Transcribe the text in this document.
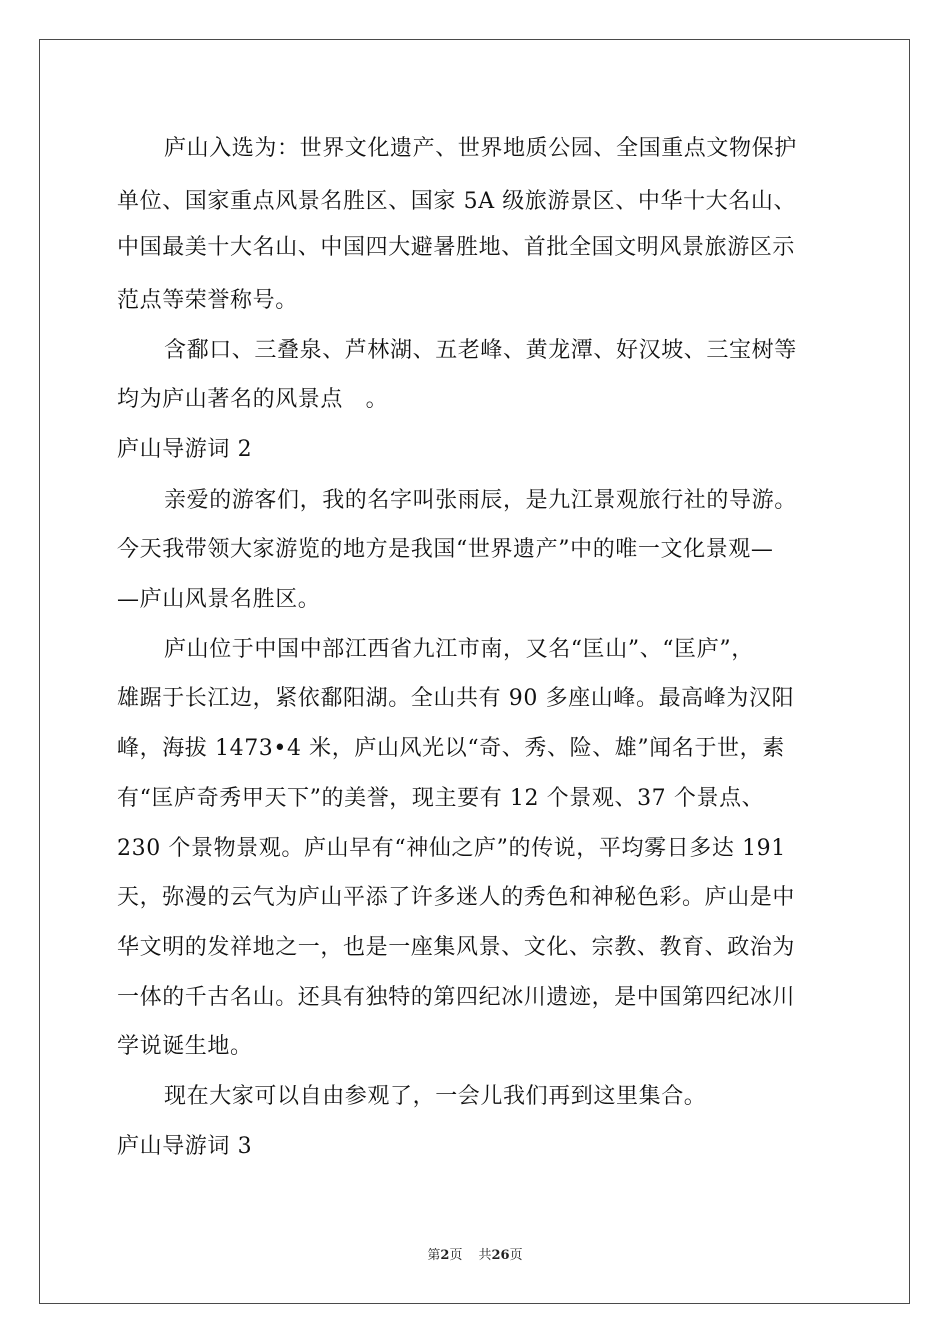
庐山入选为：世界文化遗产、世界地质公园、全国重点文物保护
单位、国家重点风景名胜区、国家 5A 级旅游景区、中华十大名山、
中国最美十大名山、中国四大避暑胜地、首批全国文明风景旅游区示
范点等荣誉称号。
含鄱口、三叠泉、芦林湖、五老峰、黄龙潭、好汉坡、三宝树等
均为庐山著名的风景点　。
庐山导游词 2
亲爱的游客们，我的名字叫张雨辰，是九江景观旅行社的导游。
今天我带领大家游览的地方是我国“世界遗产”中的唯一文化景观—
—庐山风景名胜区。
庐山位于中国中部江西省九江市南，又名“匡山”、“匡庐”，
雄踞于长江边，紧依鄱阳湖。全山共有 90 多座山峰。最高峰为汉阳
峰，海拔 1473•4 米，庐山风光以“奇、秀、险、雄”闻名于世，素
有“匡庐奇秀甲天下”的美誉，现主要有 12 个景观、37 个景点、
230 个景物景观。庐山早有“神仙之庐”的传说，平均雾日多达 191
天，弥漫的云气为庐山平添了许多迷人的秀色和神秘色彩。庐山是中
华文明的发祥地之一，也是一座集风景、文化、宗教、教育、政治为
一体的千古名山。还具有独特的第四纪冰川遗迹，是中国第四纪冰川
学说诞生地。
现在大家可以自由参观了，一会儿我们再到这里集合。
庐山导游词 3
第2页 共26页
